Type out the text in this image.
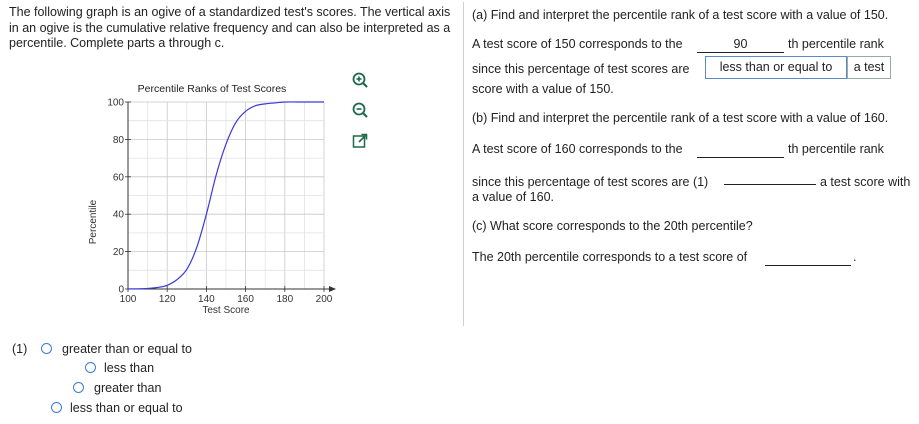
The following graph is an ogive of a standardized test's scores. The vertical axis in an ogive is the cumulative relative frequency and can also be interpreted as a percentile. Complete parts a through c.

Percentile Ranks of Test Scores
100 120 140 160 180 200
0
20
40
60
80
100
Test Score
Percentile
(1)	greater than or equal to
less than
greater than
less than or equal to
(a) Find and interpret the percentile rank of a test score with a value of 150.
A test score of 150 corresponds to the	90	th percentile rank
since this percentage of test scores are	less than or equal to	a test
score with a value of 150.
(b) Find and interpret the percentile rank of a test score with a value of 160.
A test score of 160 corresponds to the	th percentile rank
since this percentage of test scores are (1)	a test score with
a value of 160.
(c) What score corresponds to the 20th percentile?
The 20th percentile corresponds to a test score of	.
